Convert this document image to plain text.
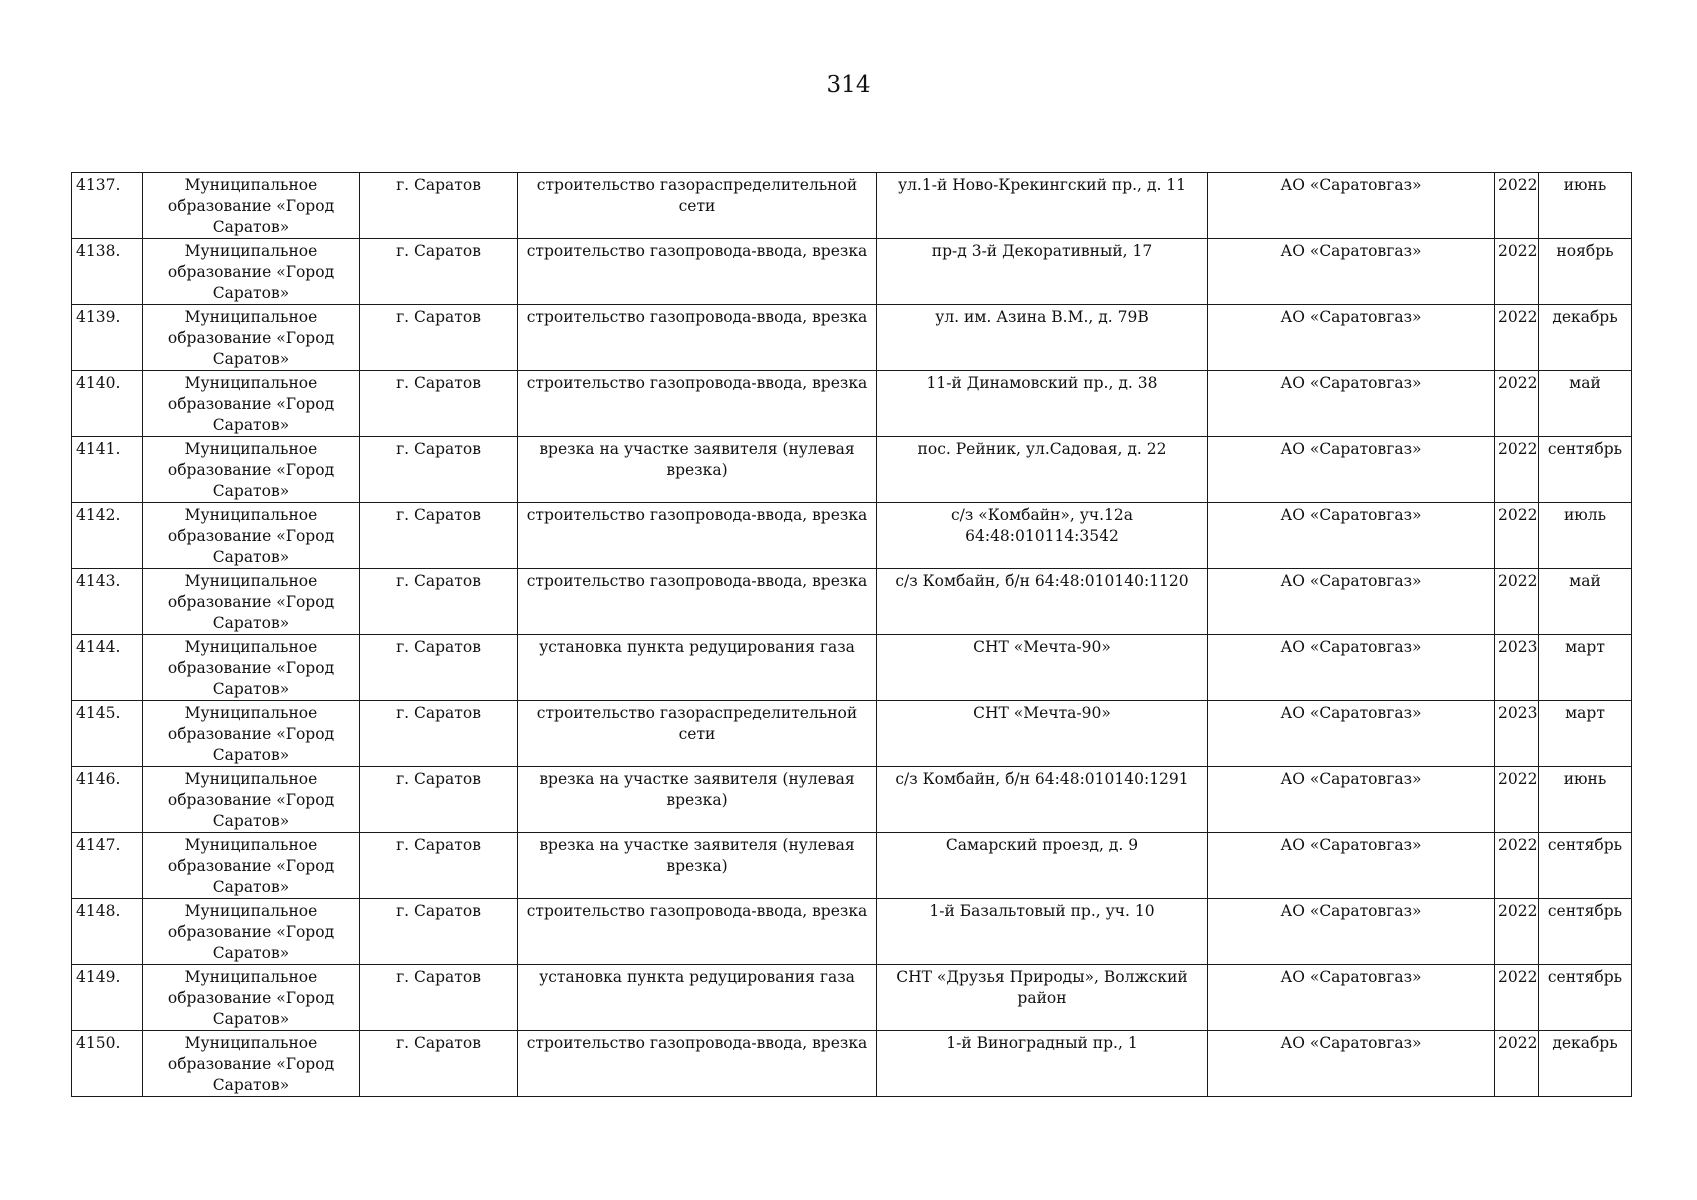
314
4137.	Муниципальное образование «Город Саратов»	г. Саратов	строительство газораспределительной сети	ул.1-й Ново-Крекингский пр., д. 11	АО «Саратовгаз»	2022	июнь
4138.	Муниципальное образование «Город Саратов»	г. Саратов	строительство газопровода-ввода, врезка	пр-д 3-й Декоративный, 17	АО «Саратовгаз»	2022	ноябрь
4139.	Муниципальное образование «Город Саратов»	г. Саратов	строительство газопровода-ввода, врезка	ул. им. Азина В.М., д. 79В	АО «Саратовгаз»	2022	декабрь
4140.	Муниципальное образование «Город Саратов»	г. Саратов	строительство газопровода-ввода, врезка	11-й Динамовский пр., д. 38	АО «Саратовгаз»	2022	май
4141.	Муниципальное образование «Город Саратов»	г. Саратов	врезка на участке заявителя (нулевая врезка)	пос. Рейник, ул.Садовая, д. 22	АО «Саратовгаз»	2022	сентябрь
4142.	Муниципальное образование «Город Саратов»	г. Саратов	строительство газопровода-ввода, врезка	с/з «Комбайн», уч.12а 64:48:010114:3542	АО «Саратовгаз»	2022	июль
4143.	Муниципальное образование «Город Саратов»	г. Саратов	строительство газопровода-ввода, врезка	с/з Комбайн, б/н 64:48:010140:1120	АО «Саратовгаз»	2022	май
4144.	Муниципальное образование «Город Саратов»	г. Саратов	установка пункта редуцирования газа	СНТ «Мечта-90»	АО «Саратовгаз»	2023	март
4145.	Муниципальное образование «Город Саратов»	г. Саратов	строительство газораспределительной сети	СНТ «Мечта-90»	АО «Саратовгаз»	2023	март
4146.	Муниципальное образование «Город Саратов»	г. Саратов	врезка на участке заявителя (нулевая врезка)	с/з Комбайн, б/н 64:48:010140:1291	АО «Саратовгаз»	2022	июнь
4147.	Муниципальное образование «Город Саратов»	г. Саратов	врезка на участке заявителя (нулевая врезка)	Самарский проезд, д. 9	АО «Саратовгаз»	2022	сентябрь
4148.	Муниципальное образование «Город Саратов»	г. Саратов	строительство газопровода-ввода, врезка	1-й Базальтовый пр., уч. 10	АО «Саратовгаз»	2022	сентябрь
4149.	Муниципальное образование «Город Саратов»	г. Саратов	установка пункта редуцирования газа	СНТ «Друзья Природы», Волжский район	АО «Саратовгаз»	2022	сентябрь
4150.	Муниципальное образование «Город Саратов»	г. Саратов	строительство газопровода-ввода, врезка	1-й Виноградный пр., 1	АО «Саратовгаз»	2022	декабрь
